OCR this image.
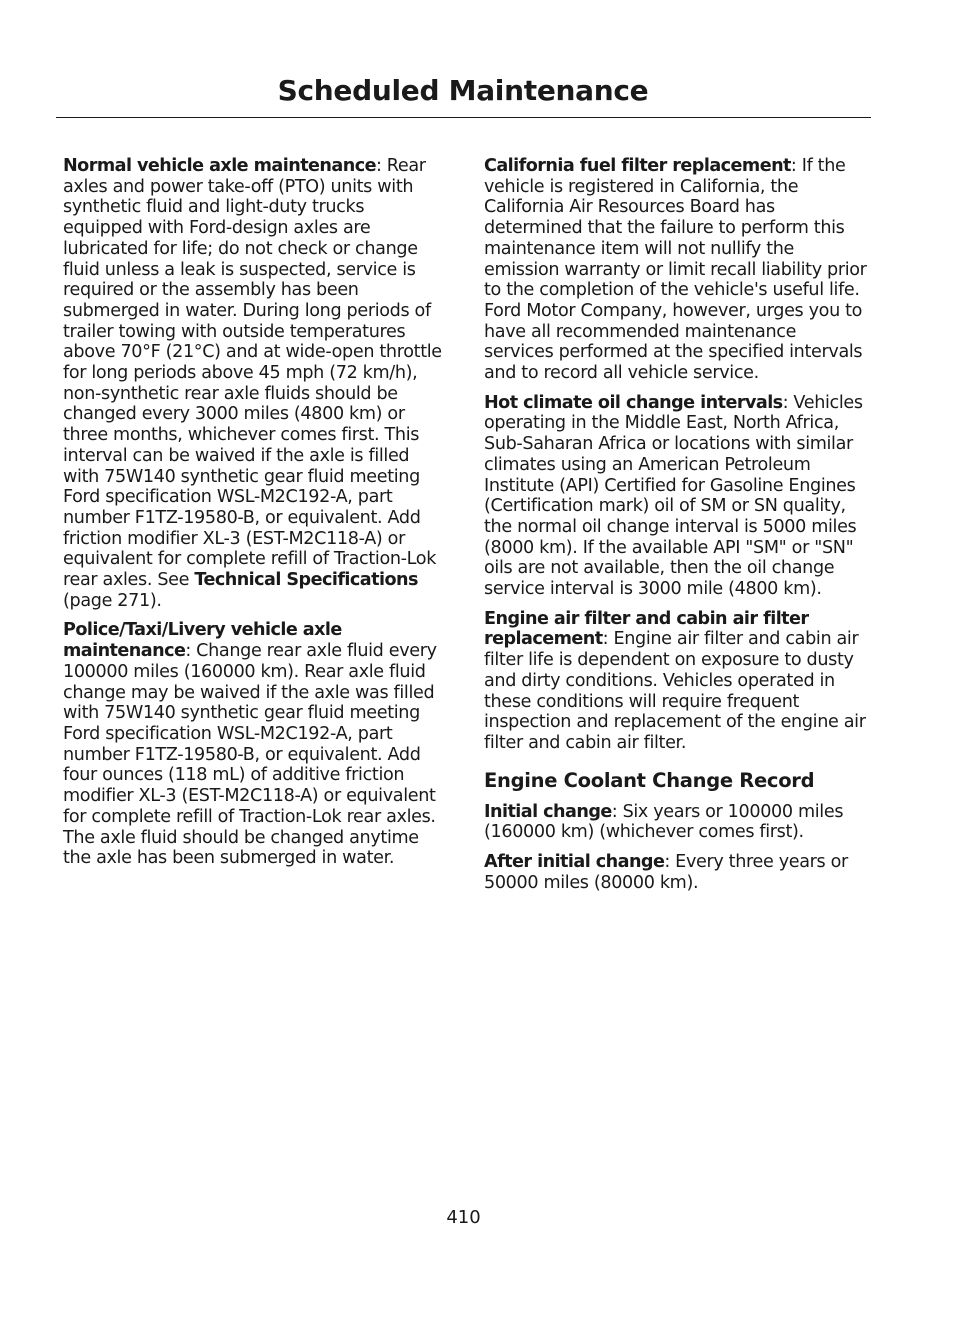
Scheduled Maintenance

Normal vehicle axle maintenance: Rear axles and power take-off (PTO) units with synthetic fluid and light-duty trucks equipped with Ford-design axles are lubricated for life; do not check or change fluid unless a leak is suspected, service is required or the assembly has been submerged in water. During long periods of trailer towing with outside temperatures above 70°F (21°C) and at wide-open throttle for long periods above 45 mph (72 km/h), non-synthetic rear axle fluids should be changed every 3000 miles (4800 km) or three months, whichever comes first. This interval can be waived if the axle is filled with 75W140 synthetic gear fluid meeting Ford specification WSL-M2C192-A, part number F1TZ-19580-B, or equivalent. Add friction modifier XL-3 (EST-M2C118-A) or equivalent for complete refill of Traction-Lok rear axles. See Technical Specifications (page 271).

Police/Taxi/Livery vehicle axle maintenance: Change rear axle fluid every 100000 miles (160000 km). Rear axle fluid change may be waived if the axle was filled with 75W140 synthetic gear fluid meeting Ford specification WSL-M2C192-A, part number F1TZ-19580-B, or equivalent. Add four ounces (118 mL) of additive friction modifier XL-3 (EST-M2C118-A) or equivalent for complete refill of Traction-Lok rear axles. The axle fluid should be changed anytime the axle has been submerged in water.

California fuel filter replacement: If the vehicle is registered in California, the California Air Resources Board has determined that the failure to perform this maintenance item will not nullify the emission warranty or limit recall liability prior to the completion of the vehicle's useful life. Ford Motor Company, however, urges you to have all recommended maintenance services performed at the specified intervals and to record all vehicle service.

Hot climate oil change intervals: Vehicles operating in the Middle East, North Africa, Sub-Saharan Africa or locations with similar climates using an American Petroleum Institute (API) Certified for Gasoline Engines (Certification mark) oil of SM or SN quality, the normal oil change interval is 5000 miles (8000 km). If the available API "SM" or "SN" oils are not available, then the oil change service interval is 3000 mile (4800 km).

Engine air filter and cabin air filter replacement: Engine air filter and cabin air filter life is dependent on exposure to dusty and dirty conditions. Vehicles operated in these conditions will require frequent inspection and replacement of the engine air filter and cabin air filter.

Engine Coolant Change Record

Initial change: Six years or 100000 miles (160000 km) (whichever comes first).

After initial change: Every three years or 50000 miles (80000 km).

410
